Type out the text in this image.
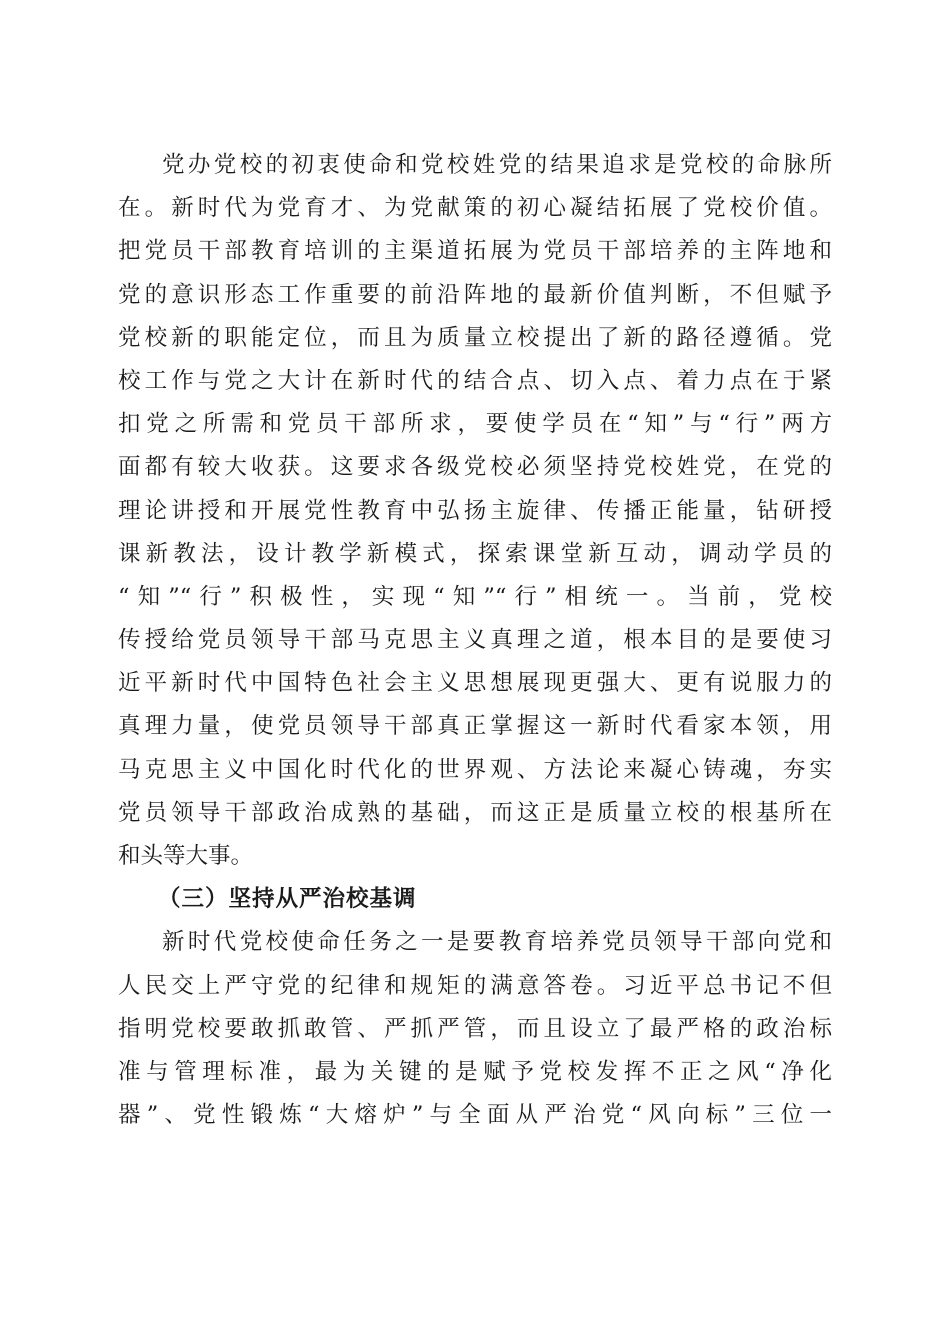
党办党校的初衷使命和党校姓党的结果追求是党校的命脉所
在。新时代为党育才、为党献策的初心凝结拓展了党校价值。
把党员干部教育培训的主渠道拓展为党员干部培养的主阵地和
党的意识形态工作重要的前沿阵地的最新价值判断，不但赋予
党校新的职能定位，而且为质量立校提出了新的路径遵循。党
校工作与党之大计在新时代的结合点、切入点、着力点在于紧
扣党之所需和党员干部所求，要使学员在“知”与“行”两方
面都有较大收获。这要求各级党校必须坚持党校姓党，在党的
理论讲授和开展党性教育中弘扬主旋律、传播正能量，钻研授
课新教法，设计教学新模式，探索课堂新互动，调动学员的
“知”“行”积极性，实现“知”“行”相统一。当前，党校
传授给党员领导干部马克思主义真理之道，根本目的是要使习
近平新时代中国特色社会主义思想展现更强大、更有说服力的
真理力量，使党员领导干部真正掌握这一新时代看家本领，用
马克思主义中国化时代化的世界观、方法论来凝心铸魂，夯实
党员领导干部政治成熟的基础，而这正是质量立校的根基所在
和头等大事。
（三）坚持从严治校基调
新时代党校使命任务之一是要教育培养党员领导干部向党和
人民交上严守党的纪律和规矩的满意答卷。习近平总书记不但
指明党校要敢抓敢管、严抓严管，而且设立了最严格的政治标
准与管理标准，最为关键的是赋予党校发挥不正之风“净化
器”、党性锻炼“大熔炉”与全面从严治党“风向标”三位一
